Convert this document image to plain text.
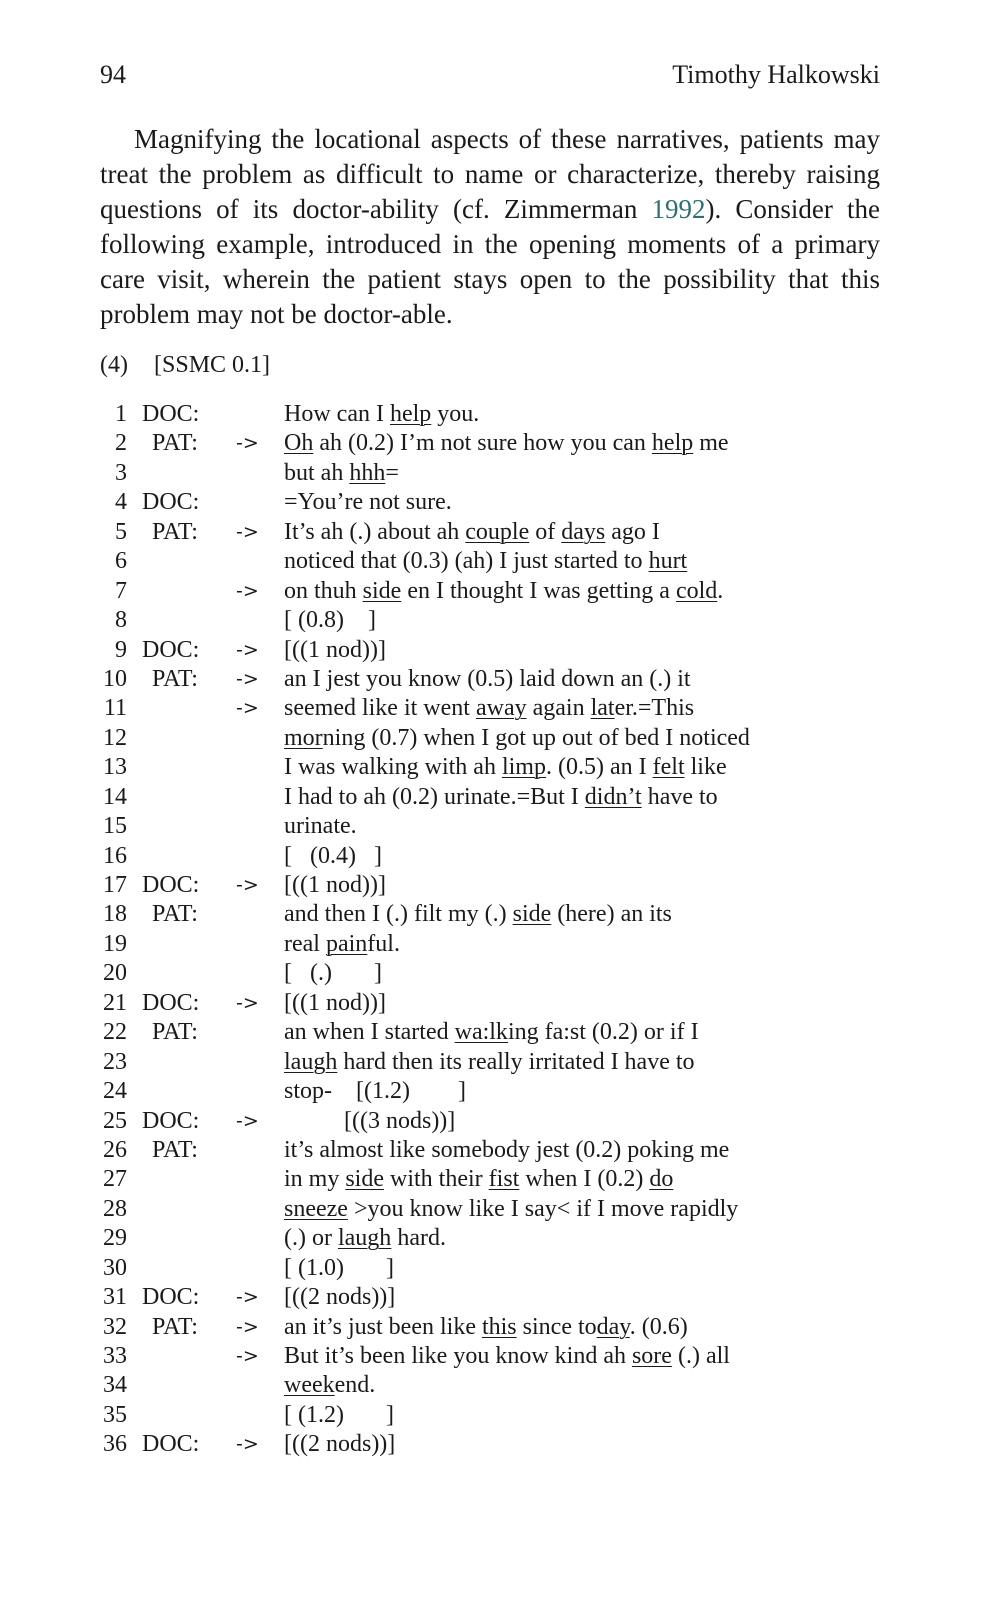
94	Timothy Halkowski

Magnifying the locational aspects of these narratives, patients may treat the problem as difficult to name or characterize, thereby raising questions of its doctor-ability (cf. Zimmerman 1992). Consider the following example, introduced in the opening moments of a primary care visit, wherein the patient stays open to the possibility that this problem may not be doctor-able.

(4) [SSMC 0.1]
1 DOC:	How can I help you.
2 PAT: -> Oh ah (0.2) I’m not sure how you can help me
3	but ah hhh=
4 DOC:	=You’re not sure.
5 PAT: -> It’s ah (.) about ah couple of days ago I
6	noticed that (0.3) (ah) I just started to hurt
7	-> on thuh side en I thought I was getting a cold.
8	[ (0.8)    ]
9 DOC: -> [((1 nod))]
10 PAT: -> an I jest you know (0.5) laid down an (.) it
11	-> seemed like it went away again later.=This
12	morning (0.7) when I got up out of bed I noticed
13	I was walking with ah limp. (0.5) an I felt like
14	I had to ah (0.2) urinate.=But I didn’t have to
15	urinate.
16	[   (0.4)   ]
17 DOC: -> [((1 nod))]
18 PAT:	and then I (.) filt my (.) side (here) an its
19	real painful.
20	[   (.)       ]
21 DOC: -> [((1 nod))]
22 PAT:	an when I started wa:lking fa:st (0.2) or if I
23	laugh hard then its really irritated I have to
24	stop-    [(1.2)        ]
25 DOC: -> [((3 nods))]
26 PAT:	it’s almost like somebody jest (0.2) poking me
27	in my side with their fist when I (0.2) do
28	sneeze >you know like I say< if I move rapidly
29	(.) or laugh hard.
30	[ (1.0)       ]
31 DOC: -> [((2 nods))]
32 PAT: -> an it’s just been like this since today. (0.6)
33	-> But it’s been like you know kind ah sore (.) all
34	weekend.
35	[ (1.2)       ]
36 DOC: -> [((2 nods))]
